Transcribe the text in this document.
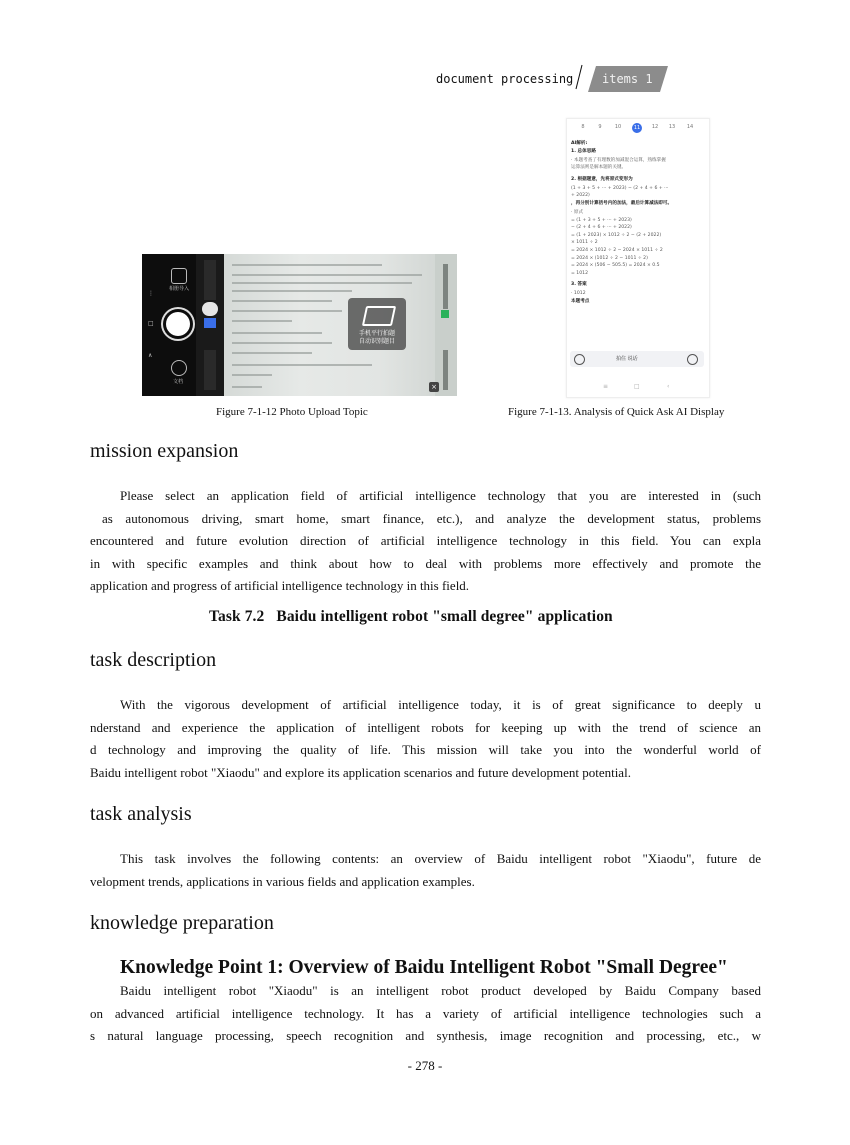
document processing items 1
相册导入
⋮
□
∧
文档
手机平行拍题
自动识别题目
×
8	9	10	11	12	13	14
AI解析:
1. 总体思路
· 本题考查了有理数的加减混合运算，熟练掌握
运算法则是解本题的关键。
2. 根据题意，先将原式变形为
(1 + 3 + 5 + ··· + 2023) − (2 + 4 + 6 + ···
+ 2022)
，再分别计算括号内的加法，最后计算减法即可。
· 原式
= (1 + 3 + 5 + ··· + 2023)
− (2 + 4 + 6 + ··· + 2022)
= (1 + 2023) × 1012 ÷ 2 − (2 + 2022)
× 1011 ÷ 2
= 2024 × 1012 ÷ 2 − 2024 × 1011 ÷ 2
= 2024 × (1012 ÷ 2 − 1011 ÷ 2)
= 2024 × (506 − 505.5) = 2024 × 0.5
= 1012
3. 答案
· 1012
本题考点
拍住 说话
≡	□	‹
Figure 7-1-12 Photo Upload Topic	Figure 7-1-13. Analysis of Quick Ask AI Display
mission expansion
Please select an application field of artificial intelligence technology that you are interested in (such
as autonomous driving, smart home, smart finance, etc.), and analyze the development status, problems
encountered and future evolution direction of artificial intelligence technology in this field. You can expla
in with specific examples and think about how to deal with problems more effectively and promote the
application and progress of artificial intelligence technology in this field.
Task 7.2 Baidu intelligent robot "small degree" application
task description
With the vigorous development of artificial intelligence today, it is of great significance to deeply u
nderstand and experience the application of intelligent robots for keeping up with the trend of science an
d technology and improving the quality of life. This mission will take you into the wonderful world of
Baidu intelligent robot "Xiaodu" and explore its application scenarios and future development potential.
task analysis
This task involves the following contents: an overview of Baidu intelligent robot "Xiaodu", future de
velopment trends, applications in various fields and application examples.
knowledge preparation
Knowledge Point 1: Overview of Baidu Intelligent Robot "Small Degree"
Baidu intelligent robot "Xiaodu" is an intelligent robot product developed by Baidu Company based
on advanced artificial intelligence technology. It has a variety of artificial intelligence technologies such a
s natural language processing, speech recognition and synthesis, image recognition and processing, etc., w
- 278 -
